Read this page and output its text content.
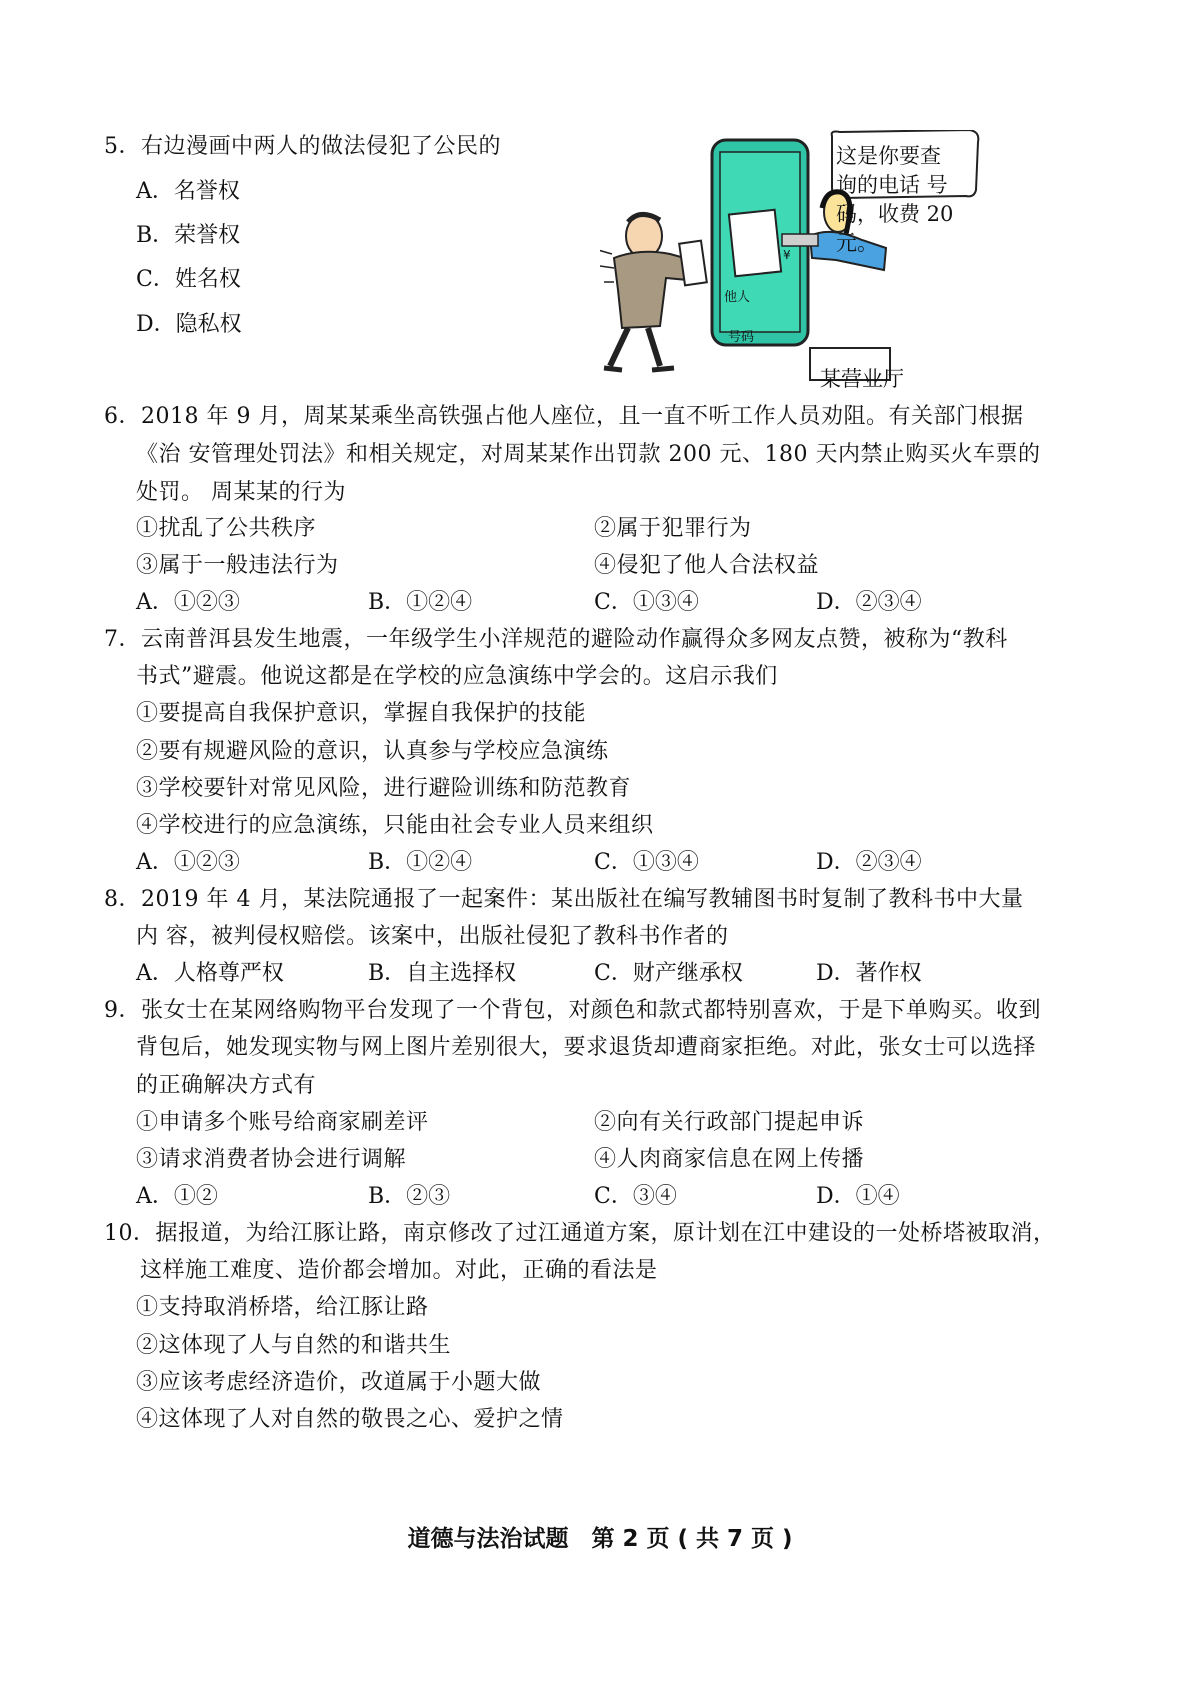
5．右边漫画中两人的做法侵犯了公民的
A．名誉权
B．荣誉权
C．姓名权
D．隐私权
¥
这是你要查
询的电话 号
码，收费 20
元。
他人
号码
某营业厅
6．2018 年 9 月，周某某乘坐高铁强占他人座位，且一直不听工作人员劝阻。有关部门根据
《治 安管理处罚法》和相关规定，对周某某作出罚款 200 元、180 天内禁止购买火车票的
处罚。 周某某的行为
①扰乱了公共秩序	②属于犯罪行为
③属于一般违法行为	④侵犯了他人合法权益
A．①②③	B．①②④	C．①③④	D．②③④
7．云南普洱县发生地震，一年级学生小洋规范的避险动作赢得众多网友点赞，被称为“教科
书式”避震。他说这都是在学校的应急演练中学会的。这启示我们
①要提高自我保护意识，掌握自我保护的技能
②要有规避风险的意识，认真参与学校应急演练
③学校要针对常见风险，进行避险训练和防范教育
④学校进行的应急演练，只能由社会专业人员来组织
A．①②③	B．①②④	C．①③④	D．②③④
8．2019 年 4 月，某法院通报了一起案件：某出版社在编写教辅图书时复制了教科书中大量
内 容，被判侵权赔偿。该案中，出版社侵犯了教科书作者的
A．人格尊严权	B．自主选择权	C．财产继承权	D．著作权
9．张女士在某网络购物平台发现了一个背包，对颜色和款式都特别喜欢，于是下单购买。收到
背包后，她发现实物与网上图片差别很大，要求退货却遭商家拒绝。对此，张女士可以选择
的正确解决方式有
①申请多个账号给商家刷差评	②向有关行政部门提起申诉
③请求消费者协会进行调解	④人肉商家信息在网上传播
A．①②	B．②③	C．③④	D．①④
10．据报道，为给江豚让路，南京修改了过江通道方案，原计划在江中建设的一处桥塔被取消，
这样施工难度、造价都会增加。对此，正确的看法是
①支持取消桥塔，给江豚让路
②这体现了人与自然的和谐共生
③应该考虑经济造价，改道属于小题大做
④这体现了人对自然的敬畏之心、爱护之情
道德与法治试题　第 2 页 ( 共 7 页 )
